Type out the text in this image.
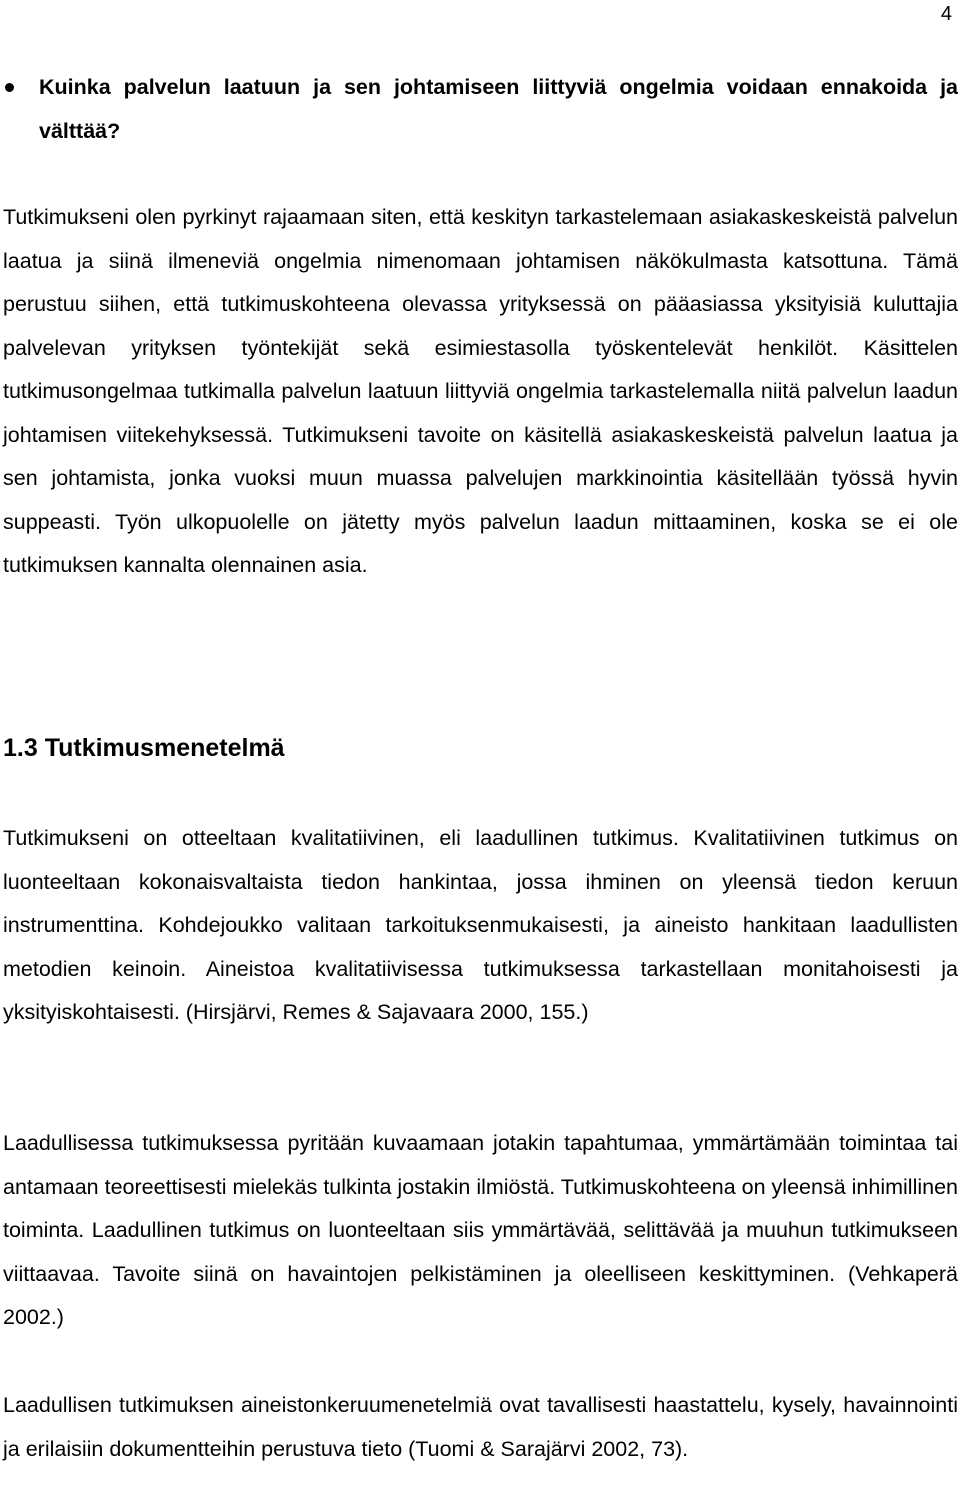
4
Kuinka palvelun laatuun ja sen johtamiseen liittyviä ongelmia voidaan ennakoida ja välttää?

Tutkimukseni olen pyrkinyt rajaamaan siten, että keskityn tarkastelemaan asiakaskeskeistä palvelun laatua ja siinä ilmeneviä ongelmia nimenomaan johtamisen näkökulmasta katsottuna. Tämä perustuu siihen, että tutkimuskohteena olevassa yrityksessä on pääasiassa yksityisiä kuluttajia palvelevan yrityksen työntekijät sekä esimiestasolla työskentelevät henkilöt. Käsittelen tutkimusongelmaa tutkimalla palvelun laatuun liittyviä ongelmia tarkastelemalla niitä palvelun laadun johtamisen viitekehyksessä. Tutkimukseni tavoite on käsitellä asiakaskeskeistä palvelun laatua ja sen johtamista, jonka vuoksi muun muassa palvelujen markkinointia käsitellään työssä hyvin suppeasti. Työn ulkopuolelle on jätetty myös palvelun laadun mittaaminen, koska se ei ole tutkimuksen kannalta olennainen asia.

1.3 Tutkimusmenetelmä

Tutkimukseni on otteeltaan kvalitatiivinen, eli laadullinen tutkimus. Kvalitatiivinen tutkimus on luonteeltaan kokonaisvaltaista tiedon hankintaa, jossa ihminen on yleensä tiedon keruun instrumenttina. Kohdejoukko valitaan tarkoituksenmukaisesti, ja aineisto hankitaan laadullisten metodien keinoin. Aineistoa kvalitatiivisessa tutkimuksessa tarkastellaan monitahoisesti ja yksityiskohtaisesti. (Hirsjärvi, Remes & Sajavaara 2000, 155.)

Laadullisessa tutkimuksessa pyritään kuvaamaan jotakin tapahtumaa, ymmärtämään toimintaa tai antamaan teoreettisesti mielekäs tulkinta jostakin ilmiöstä. Tutkimuskohteena on yleensä inhimillinen toiminta. Laadullinen tutkimus on luonteeltaan siis ymmärtävää, selittävää ja muuhun tutkimukseen viittaavaa. Tavoite siinä on havaintojen pelkistäminen ja oleelliseen keskittyminen. (Vehkaperä 2002.)

Laadullisen tutkimuksen aineistonkeruumenetelmiä ovat tavallisesti haastattelu, kysely, havainnointi ja erilaisiin dokumentteihin perustuva tieto (Tuomi & Sarajärvi 2002, 73).
